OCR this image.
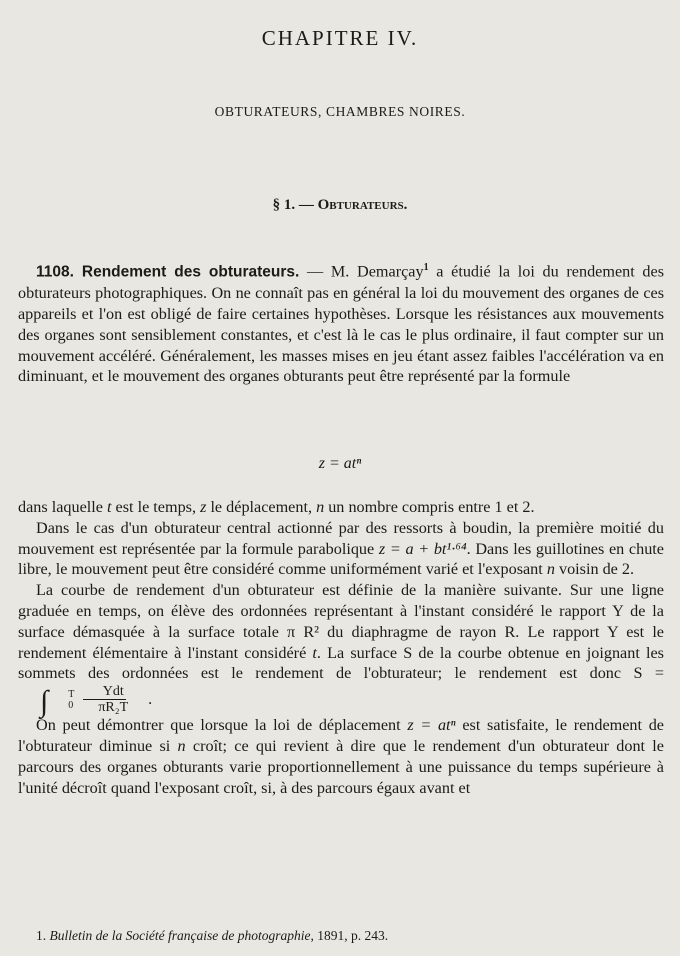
CHAPITRE IV.
OBTURATEURS, CHAMBRES NOIRES.
§ 1. — Obturateurs.

1108. Rendement des obturateurs. — M. Demarçay$^1$ a étudié la loi du rendement des obturateurs photographiques. On ne connaît pas en général la loi du mouvement des organes de ces appareils et l'on est obligé de faire certaines hypothèses. Lorsque les résistances aux mouvements des organes sont sensiblement constantes, et c'est là le cas le plus ordinaire, il faut compter sur un mouvement accéléré. Généralement, les masses mises en jeu étant assez faibles l'accélération va en diminuant, et le mouvement des organes obturants peut être représenté par la formule

z = atⁿ

dans laquelle t est le temps, z le déplacement, n un nombre compris entre 1 et 2.

Dans le cas d'un obturateur central actionné par des ressorts à boudin, la première moitié du mouvement est représentée par la formule parabolique z = a + bt¹·⁶⁴. Dans les guillotines en chute libre, le mouvement peut être considéré comme uniformément varié et l'exposant n voisin de 2.

La courbe de rendement d'un obturateur est définie de la manière suivante. Sur une ligne graduée en temps, on élève des ordonnées représentant à l'instant considéré le rapport Y de la surface démasquée à la surface totale π R² du diaphragme de rayon R. Le rapport Y est le rendement élémentaire à l'instant considéré t. La surface S de la courbe obtenue en joignant les sommets des ordonnées est le rendement de l'obturateur; le rendement est donc S =
∫	T
$0 \frac{\text{Ydt}}{\text{πR₂T}}$	.

On peut démontrer que lorsque la loi de déplacement z = atⁿ est satisfaite, le rendement de l'obturateur diminue si n croît; ce qui revient à dire que le rendement d'un obturateur dont le parcours des organes obturants varie proportionnellement à une puissance du temps supérieure à l'unité décroît quand l'exposant croît, si, à des parcours égaux avant et

1. Bulletin de la Société française de photographie, 1891, p. 243.
